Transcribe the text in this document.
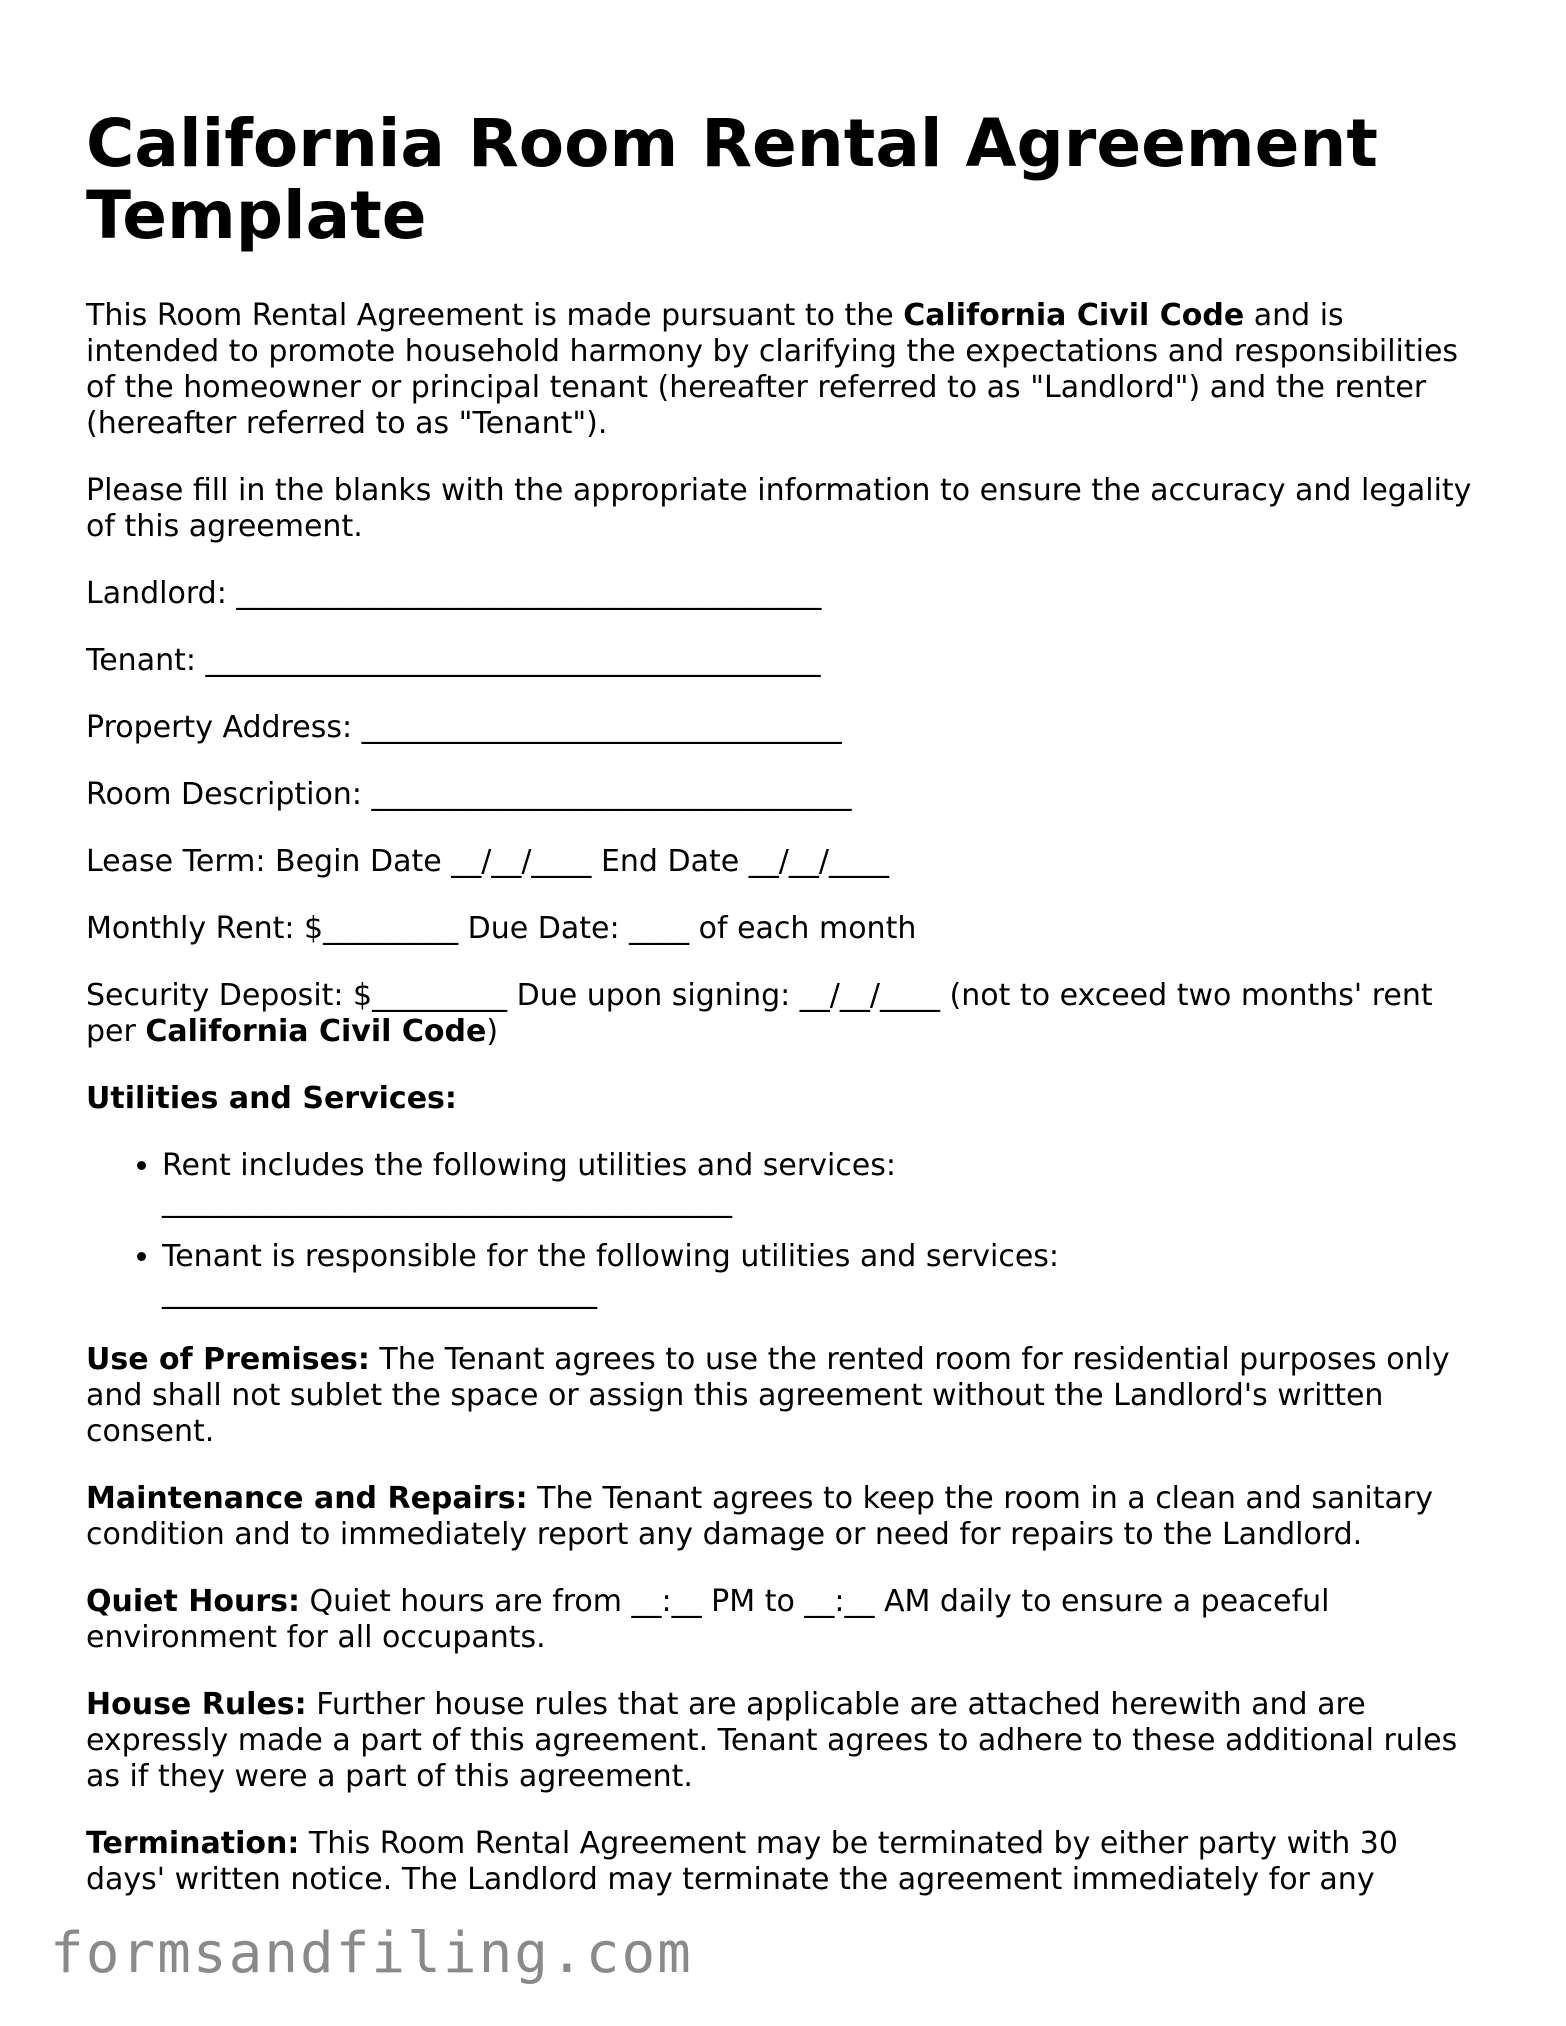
California Room Rental Agreement Template

This Room Rental Agreement is made pursuant to the California Civil Code and is intended to promote household harmony by clarifying the expectations and responsibilities of the homeowner or principal tenant (hereafter referred to as "Landlord") and the renter (hereafter referred to as "Tenant").

Please fill in the blanks with the appropriate information to ensure the accuracy and legality of this agreement.

Landlord: _______________________________________

Tenant: _________________________________________

Property Address: ________________________________

Room Description: ________________________________

Lease Term: Begin Date __/__/____ End Date __/__/____

Monthly Rent: $_________ Due Date: ____ of each month

Security Deposit: $_________ Due upon signing: __/__/____ (not to exceed two months' rent per California Civil Code)

Utilities and Services:

• Rent includes the following utilities and services:
______________________________________
• Tenant is responsible for the following utilities and services:
_____________________________

Use of Premises: The Tenant agrees to use the rented room for residential purposes only and shall not sublet the space or assign this agreement without the Landlord's written consent.

Maintenance and Repairs: The Tenant agrees to keep the room in a clean and sanitary condition and to immediately report any damage or need for repairs to the Landlord.

Quiet Hours: Quiet hours are from __:__ PM to __:__ AM daily to ensure a peaceful environment for all occupants.

House Rules: Further house rules that are applicable are attached herewith and are expressly made a part of this agreement. Tenant agrees to adhere to these additional rules as if they were a part of this agreement.

Termination: This Room Rental Agreement may be terminated by either party with 30 days' written notice. The Landlord may terminate the agreement immediately for any

formsandfiling.com
